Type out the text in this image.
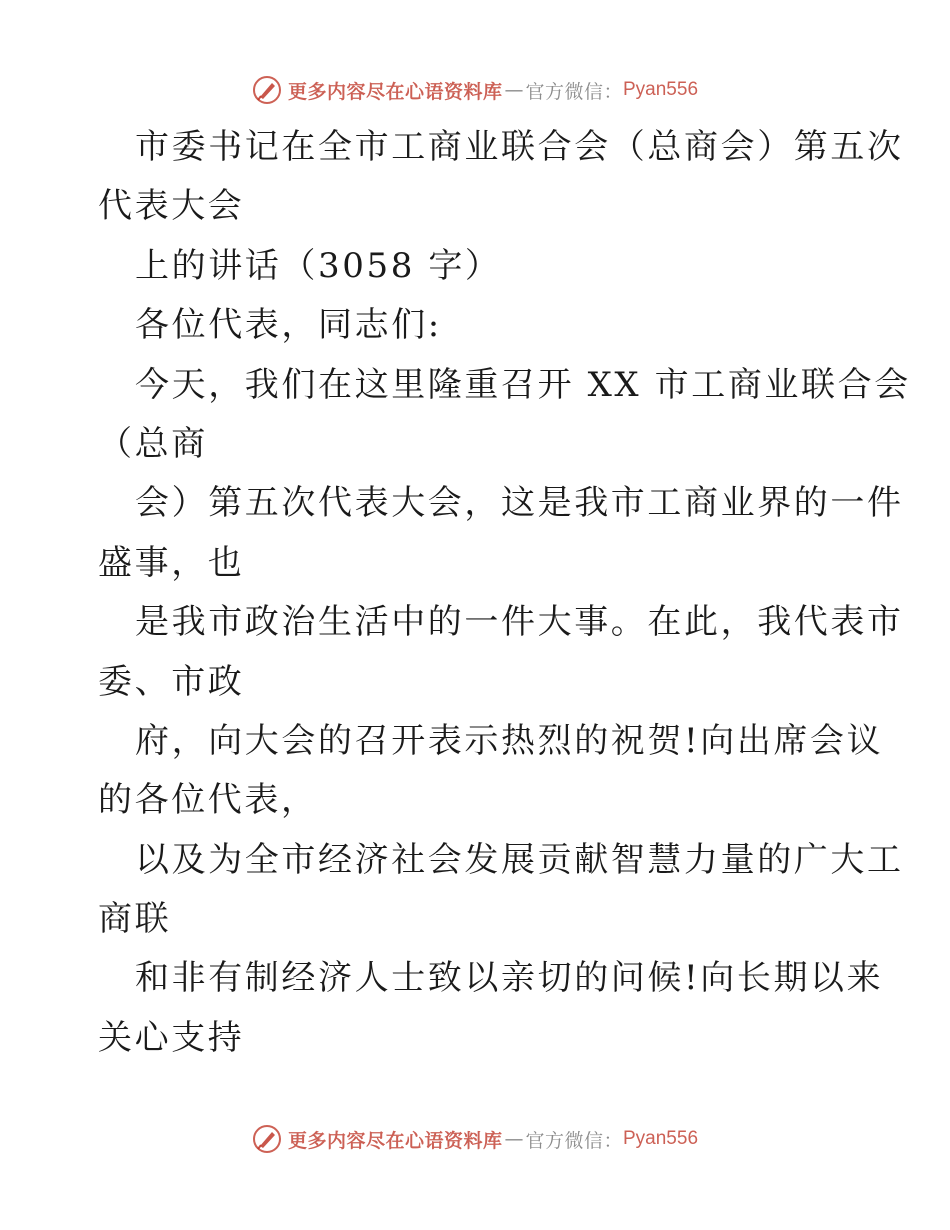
更多内容尽在心语资料库 — 官方微信： Pyan556
市委书记在全市工商业联合会（总商会）第五次
代表大会
上的讲话（3058 字）
各位代表，同志们:
今天，我们在这里隆重召开 XX 市工商业联合会
（总商
会）第五次代表大会，这是我市工商业界的一件
盛事，也
是我市政治生活中的一件大事。在此，我代表市
委、市政
府，向大会的召开表示热烈的祝贺!向出席会议
的各位代表，
以及为全市经济社会发展贡献智慧力量的广大工
商联
和非有制经济人士致以亲切的问候!向长期以来
关心支持
更多内容尽在心语资料库 — 官方微信： Pyan556
